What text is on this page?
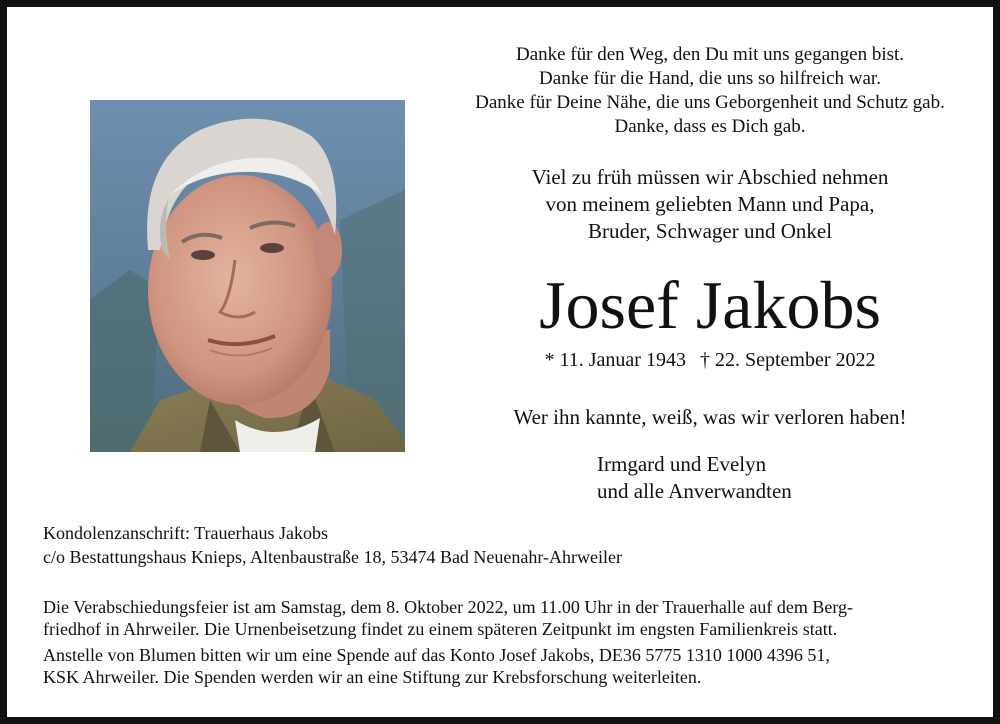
Danke für den Weg, den Du mit uns gegangen bist.
Danke für die Hand, die uns so hilfreich war.
Danke für Deine Nähe, die uns Geborgenheit und Schutz gab.
Danke, dass es Dich gab.
Viel zu früh müssen wir Abschied nehmen
von meinem geliebten Mann und Papa,
Bruder, Schwager und Onkel
Josef Jakobs
* 11. Januar 1943 † 22. September 2022
Wer ihn kannte, weiß, was wir verloren haben!
Irmgard und Evelyn
und alle Anverwandten
Kondolenzanschrift: Trauerhaus Jakobs
c/o Bestattungshaus Knieps, Altenbaustraße 18, 53474 Bad Neuenahr-Ahrweiler
Die Verabschiedungsfeier ist am Samstag, dem 8. Oktober 2022, um 11.00 Uhr in der Trauerhalle auf dem Berg-
friedhof in Ahrweiler. Die Urnenbeisetzung findet zu einem späteren Zeitpunkt im engsten Familienkreis statt.
Anstelle von Blumen bitten wir um eine Spende auf das Konto Josef Jakobs, DE36 5775 1310 1000 4396 51,
KSK Ahrweiler. Die Spenden werden wir an eine Stiftung zur Krebsforschung weiterleiten.
